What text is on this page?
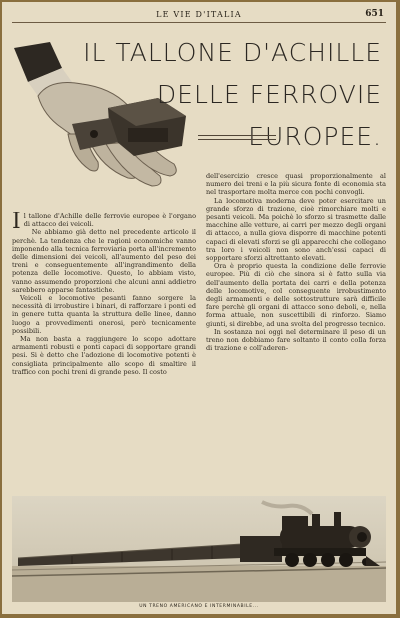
LE VIE D'ITALIA	651
IL TALLONE D'ACHILLE
DELLE FERROVIE
EUROPEE.

Il tallone d'Achille delle ferrovie europee è l'organo di attacco dei veicoli.

Ne abbiamo già detto nel precedente articolo il perchè. La tendenza che le ragioni economiche vanno imponendo alla tecnica ferroviaria porta all'incremento delle dimensioni dei veicoli, all'aumento del peso dei treni e conseguentemente all'ingrandimento della potenza delle locomotive. Questo, lo abbiam visto, vanno assumendo proporzioni che alcuni anni addietro sarebbero apparse fantastiche.

Veicoli e locomotive pesanti fanno sorgere la necessità di irrobustire i binari, di rafforzare i ponti ed in genere tutta quanta la struttura delle linee, danno luogo a provvedimenti onerosi, però tecnicamente possibili.

Ma non basta a raggiungere lo scopo adottare armamenti robusti e ponti capaci di sopportare grandi pesi. Si è detto che l'adozione di locomotive potenti è consigliata principalmente allo scopo di smaltire il traffico con pochi treni di grande peso. Il costo

dell'esercizio cresce quasi proporzionalmente al numero dei treni e la più sicura fonte di economia sta nel trasportare molta merce con pochi convogli.

La locomotiva moderna deve poter esercitare un grande sforzo di trazione, cioè rimorchiare molti e pesanti veicoli. Ma poichè lo sforzo si trasmette dalle macchine alle vetture, ai carri per mezzo degli organi di attacco, a nulla giova disporre di macchine potenti capaci di elevati sforzi se gli apparecchi che collegano tra loro i veicoli non sono anch'essi capaci di sopportare sforzi altrettanto elevati.

Ora è proprio questa la condizione delle ferrovie europee. Più di ciò che sinora si è fatto sulla via dell'aumento della portata dei carri e della potenza delle locomotive, col conseguente irrobustimento degli armamenti e delle sottostrutture sarà difficile fare perchè gli organi di attacco sono deboli, e, nella forma attuale, non suscettibili di rinforzo. Siamo giunti, si direbbe, ad una svolta del progresso tecnico.

In sostanza noi oggi nel determinare il peso di un treno non dobbiamo fare soltanto il conto colla forza di trazione e coll'aderen-

UN TRENO AMERICANO E INTERMINABILE...
